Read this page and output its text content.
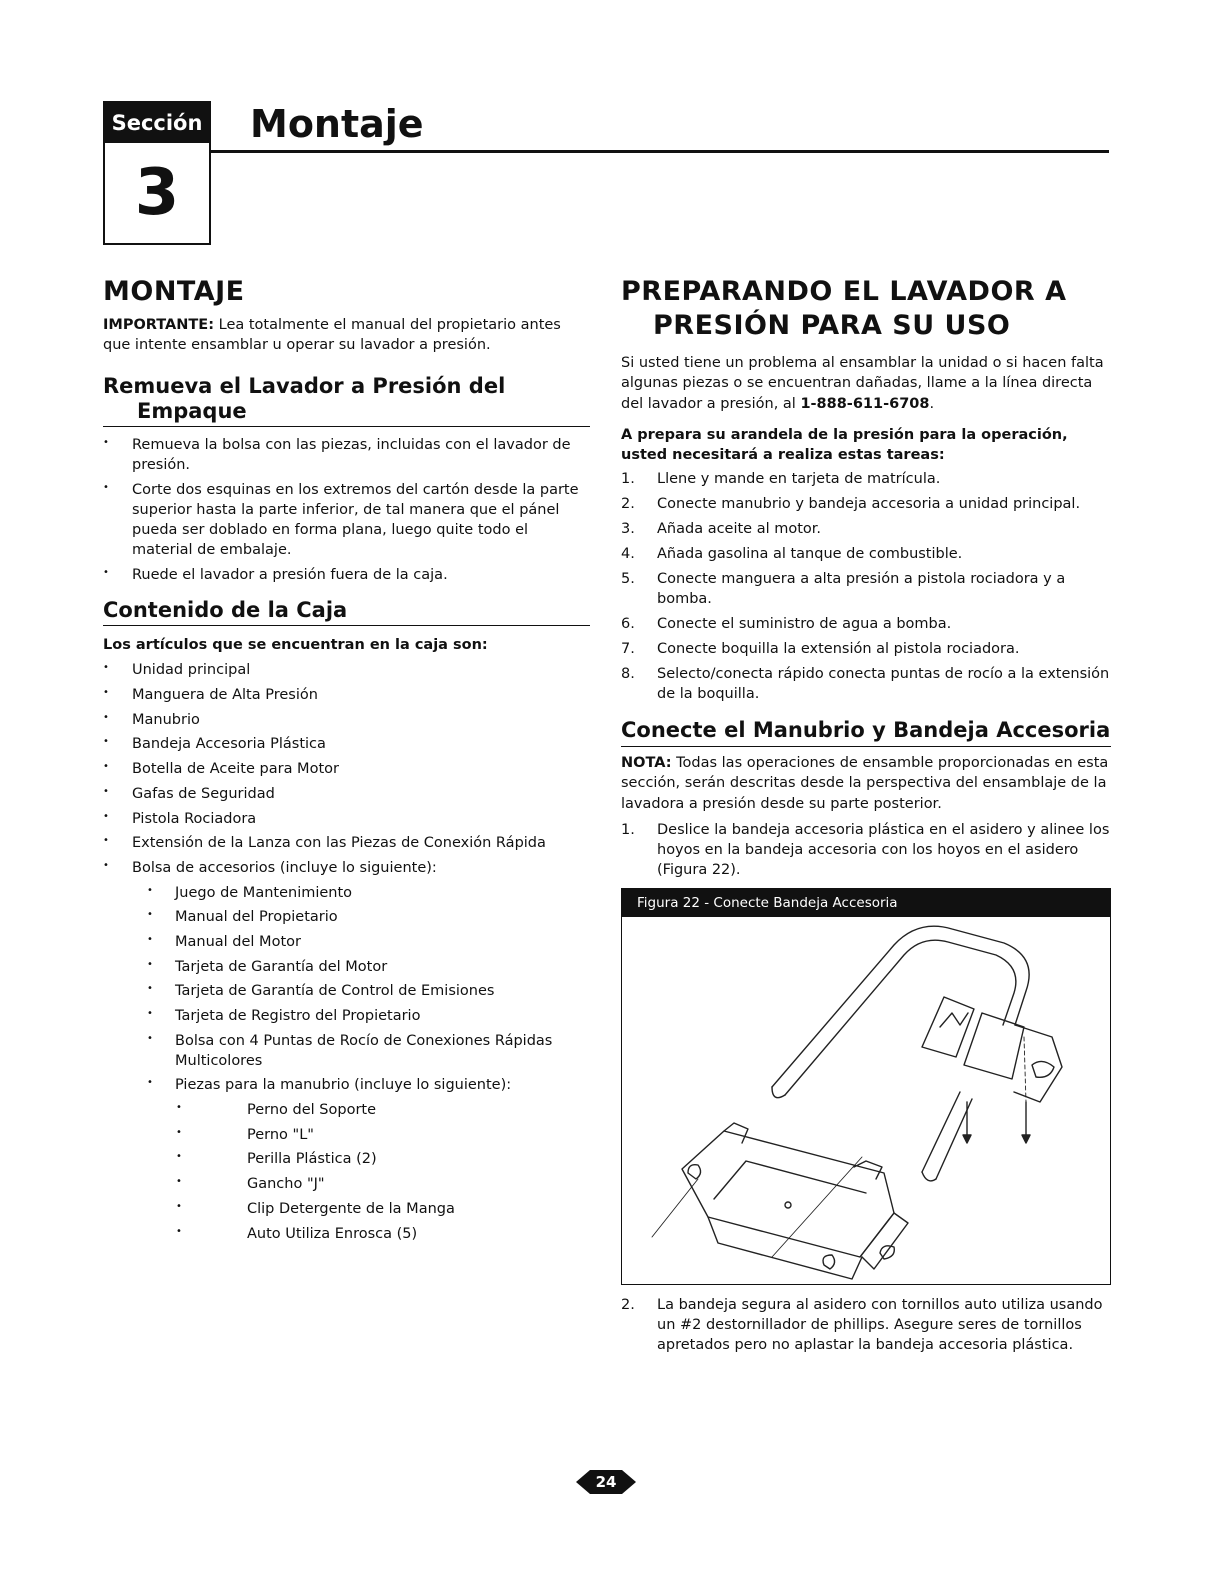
Sección
3
Montaje
MONTAJE

IMPORTANTE: Lea totalmente el manual del propietario antes que intente ensamblar u operar su lavador a presión.

Remueva el Lavador a Presión del
Empaque
• Remueva la bolsa con las piezas, incluidas con el lavador de presión.
• Corte dos esquinas en los extremos del cartón desde la parte superior hasta la parte inferior, de tal manera que el pánel pueda ser doblado en forma plana, luego quite todo el material de embalaje.
• Ruede el lavador a presión fuera de la caja.
Contenido de la Caja

Los artículos que se encuentran en la caja son:

• Unidad principal
• Manguera de Alta Presión
• Manubrio
• Bandeja Accesoria Plástica
• Botella de Aceite para Motor
• Gafas de Seguridad
• Pistola Rociadora
• Extensión de la Lanza con las Piezas de Conexión Rápida
• Bolsa de accesorios (incluye lo siguiente):
• Juego de Mantenimiento
• Manual del Propietario
• Manual del Motor
• Tarjeta de Garantía del Motor
• Tarjeta de Garantía de Control de Emisiones
• Tarjeta de Registro del Propietario
• Bolsa con 4 Puntas de Rocío de Conexiones Rápidas Multicolores
• Piezas para la manubrio (incluye lo siguiente):
• Perno del Soporte
• Perno "L"
• Perilla Plástica (2)
• Gancho "J"
• Clip Detergente de la Manga
• Auto Utiliza Enrosca (5)
PREPARANDO EL LAVADOR A
PRESIÓN PARA SU USO

Si usted tiene un problema al ensamblar la unidad o si hacen falta algunas piezas o se encuentran dañadas, llame a la línea directa del lavador a presión, al 1-888-611-6708.

A prepara su arandela de la presión para la operación, usted necesitará a realiza estas tareas:

1. Llene y mande en tarjeta de matrícula.
2. Conecte manubrio y bandeja accesoria a unidad principal.
3. Añada aceite al motor.
4. Añada gasolina al tanque de combustible.
5. Conecte manguera a alta presión a pistola rociadora y a bomba.
6. Conecte el suministro de agua a bomba.
7. Conecte boquilla la extensión al pistola rociadora.
8. Selecto/conecta rápido conecta puntas de rocío a la extensión de la boquilla.
Conecte el Manubrio y Bandeja Accesoria

NOTA: Todas las operaciones de ensamble proporcionadas en esta sección, serán descritas desde la perspectiva del ensamblaje de la lavadora a presión desde su parte posterior.

1. Deslice la bandeja accesoria plástica en el asidero y alinee los hoyos en la bandeja accesoria con los hoyos en el asidero (Figura 22).
Figura 22 - Conecte Bandeja Accesoria
2. La bandeja segura al asidero con tornillos auto utiliza usando un #2 destornillador de phillips. Asegure seres de tornillos apretados pero no aplastar la bandeja accesoria plástica.
24
